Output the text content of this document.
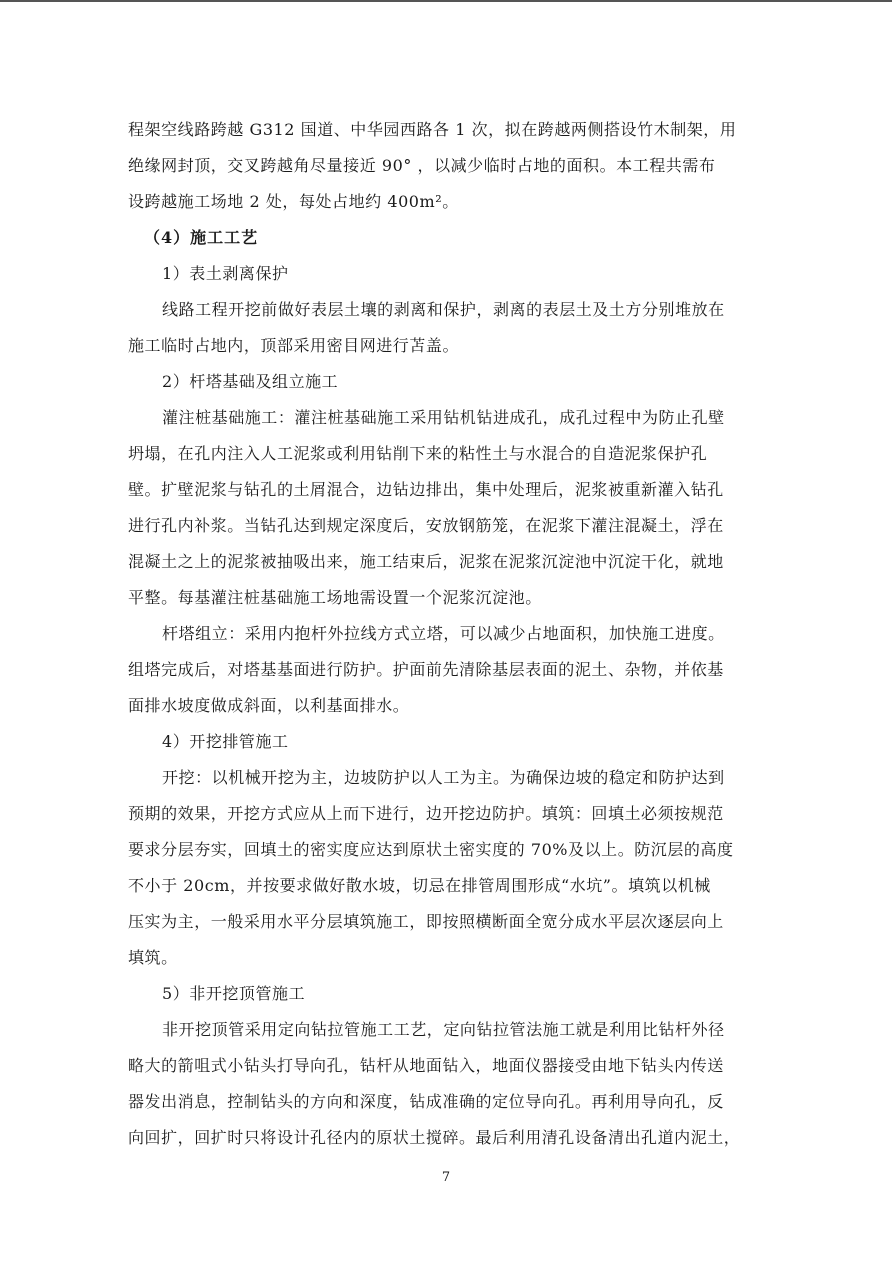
程架空线路跨越 G312 国道、中华园西路各 1 次，拟在跨越两侧搭设竹木制架，用
绝缘网封顶，交叉跨越角尽量接近 90° ，以减少临时占地的面积。本工程共需布
设跨越施工场地 2 处，每处占地约 400m²。
（4）施工工艺
1）表土剥离保护
线路工程开挖前做好表层土壤的剥离和保护，剥离的表层土及土方分别堆放在
施工临时占地内，顶部采用密目网进行苫盖。
2）杆塔基础及组立施工
灌注桩基础施工：灌注桩基础施工采用钻机钻进成孔，成孔过程中为防止孔壁
坍塌，在孔内注入人工泥浆或利用钻削下来的粘性土与水混合的自造泥浆保护孔
壁。扩壁泥浆与钻孔的土屑混合，边钻边排出，集中处理后，泥浆被重新灌入钻孔
进行孔内补浆。当钻孔达到规定深度后，安放钢筋笼，在泥浆下灌注混凝土，浮在
混凝土之上的泥浆被抽吸出来，施工结束后，泥浆在泥浆沉淀池中沉淀干化，就地
平整。每基灌注桩基础施工场地需设置一个泥浆沉淀池。
杆塔组立：采用内抱杆外拉线方式立塔，可以减少占地面积，加快施工进度。
组塔完成后，对塔基基面进行防护。护面前先清除基层表面的泥土、杂物，并依基
面排水坡度做成斜面，以利基面排水。
4）开挖排管施工
开挖：以机械开挖为主，边坡防护以人工为主。为确保边坡的稳定和防护达到
预期的效果，开挖方式应从上而下进行，边开挖边防护。填筑：回填土必须按规范
要求分层夯实，回填土的密实度应达到原状土密实度的 70%及以上。防沉层的高度
不小于 20cm，并按要求做好散水坡，切忌在排管周围形成“水坑”。填筑以机械
压实为主，一般采用水平分层填筑施工，即按照横断面全宽分成水平层次逐层向上
填筑。
5）非开挖顶管施工
非开挖顶管采用定向钻拉管施工工艺，定向钻拉管法施工就是利用比钻杆外径
略大的箭咀式小钻头打导向孔，钻杆从地面钻入，地面仪器接受由地下钻头内传送
器发出消息，控制钻头的方向和深度，钻成准确的定位导向孔。再利用导向孔，反
向回扩，回扩时只将设计孔径内的原状土搅碎。最后利用清孔设备清出孔道内泥土，
7
